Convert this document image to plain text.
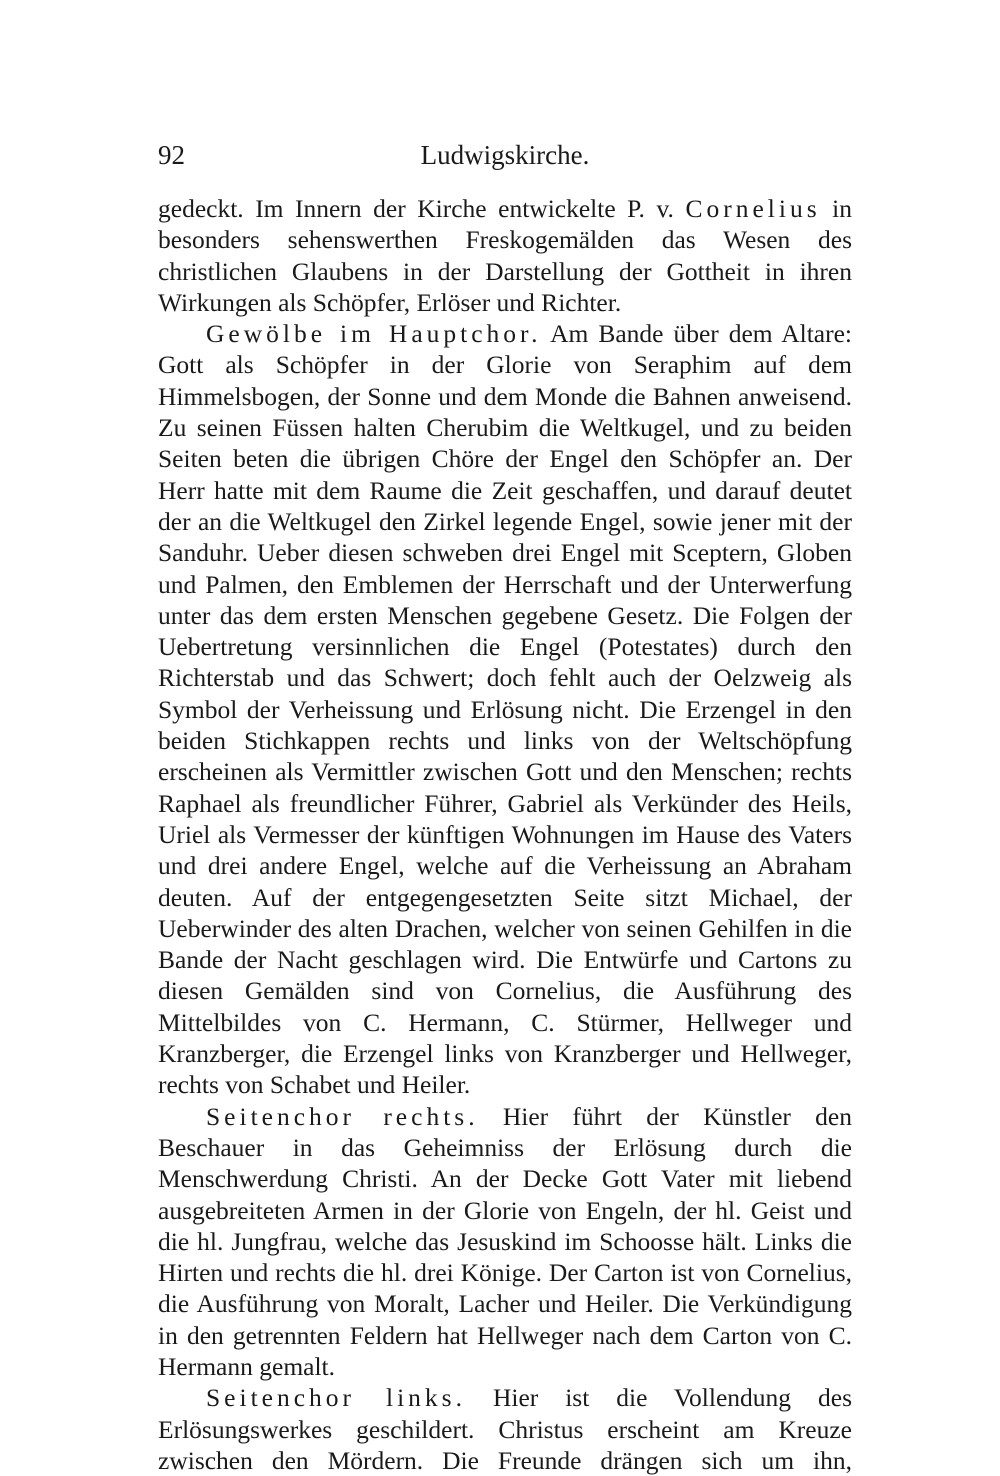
92	Ludwigskirche.

gedeckt. Im Innern der Kirche entwickelte P. v. Cornelius in besonders sehenswerthen Freskogemälden das Wesen des christlichen Glaubens in der Darstellung der Gottheit in ihren Wirkungen als Schöpfer, Erlöser und Richter.

Gewölbe im Hauptchor. Am Bande über dem Altare: Gott als Schöpfer in der Glorie von Seraphim auf dem Himmelsbogen, der Sonne und dem Monde die Bahnen anweisend. Zu seinen Füssen halten Cherubim die Weltkugel, und zu beiden Seiten beten die übrigen Chöre der Engel den Schöpfer an. Der Herr hatte mit dem Raume die Zeit geschaffen, und darauf deutet der an die Weltkugel den Zirkel legende Engel, sowie jener mit der Sanduhr. Ueber diesen schweben drei Engel mit Sceptern, Globen und Palmen, den Emblemen der Herrschaft und der Unterwerfung unter das dem ersten Menschen gegebene Gesetz. Die Folgen der Uebertretung versinnlichen die Engel (Potestates) durch den Richterstab und das Schwert; doch fehlt auch der Oelzweig als Symbol der Verheissung und Erlösung nicht. Die Erzengel in den beiden Stichkappen rechts und links von der Weltschöpfung erscheinen als Vermittler zwischen Gott und den Menschen; rechts Raphael als freundlicher Führer, Gabriel als Verkünder des Heils, Uriel als Vermesser der künftigen Wohnungen im Hause des Vaters und drei andere Engel, welche auf die Verheissung an Abraham deuten. Auf der entgegengesetzten Seite sitzt Michael, der Ueberwinder des alten Drachen, welcher von seinen Gehilfen in die Bande der Nacht geschlagen wird. Die Entwürfe und Cartons zu diesen Gemälden sind von Cornelius, die Ausführung des Mittelbildes von C. Hermann, C. Stürmer, Hellweger und Kranzberger, die Erzengel links von Kranzberger und Hellweger, rechts von Schabet und Heiler.

Seitenchor rechts. Hier führt der Künstler den Beschauer in das Geheimniss der Erlösung durch die Menschwerdung Christi. An der Decke Gott Vater mit liebend ausgebreiteten Armen in der Glorie von Engeln, der hl. Geist und die hl. Jungfrau, welche das Jesuskind im Schoosse hält. Links die Hirten und rechts die hl. drei Könige. Der Carton ist von Cornelius, die Ausführung von Moralt, Lacher und Heiler. Die Verkündigung in den getrennten Feldern hat Hellweger nach dem Carton von C. Hermann gemalt.

Seitenchor links. Hier ist die Vollendung des Erlösungswerkes geschildert. Christus erscheint am Kreuze zwischen den Mördern. Die Freunde drängen sich um ihn,
